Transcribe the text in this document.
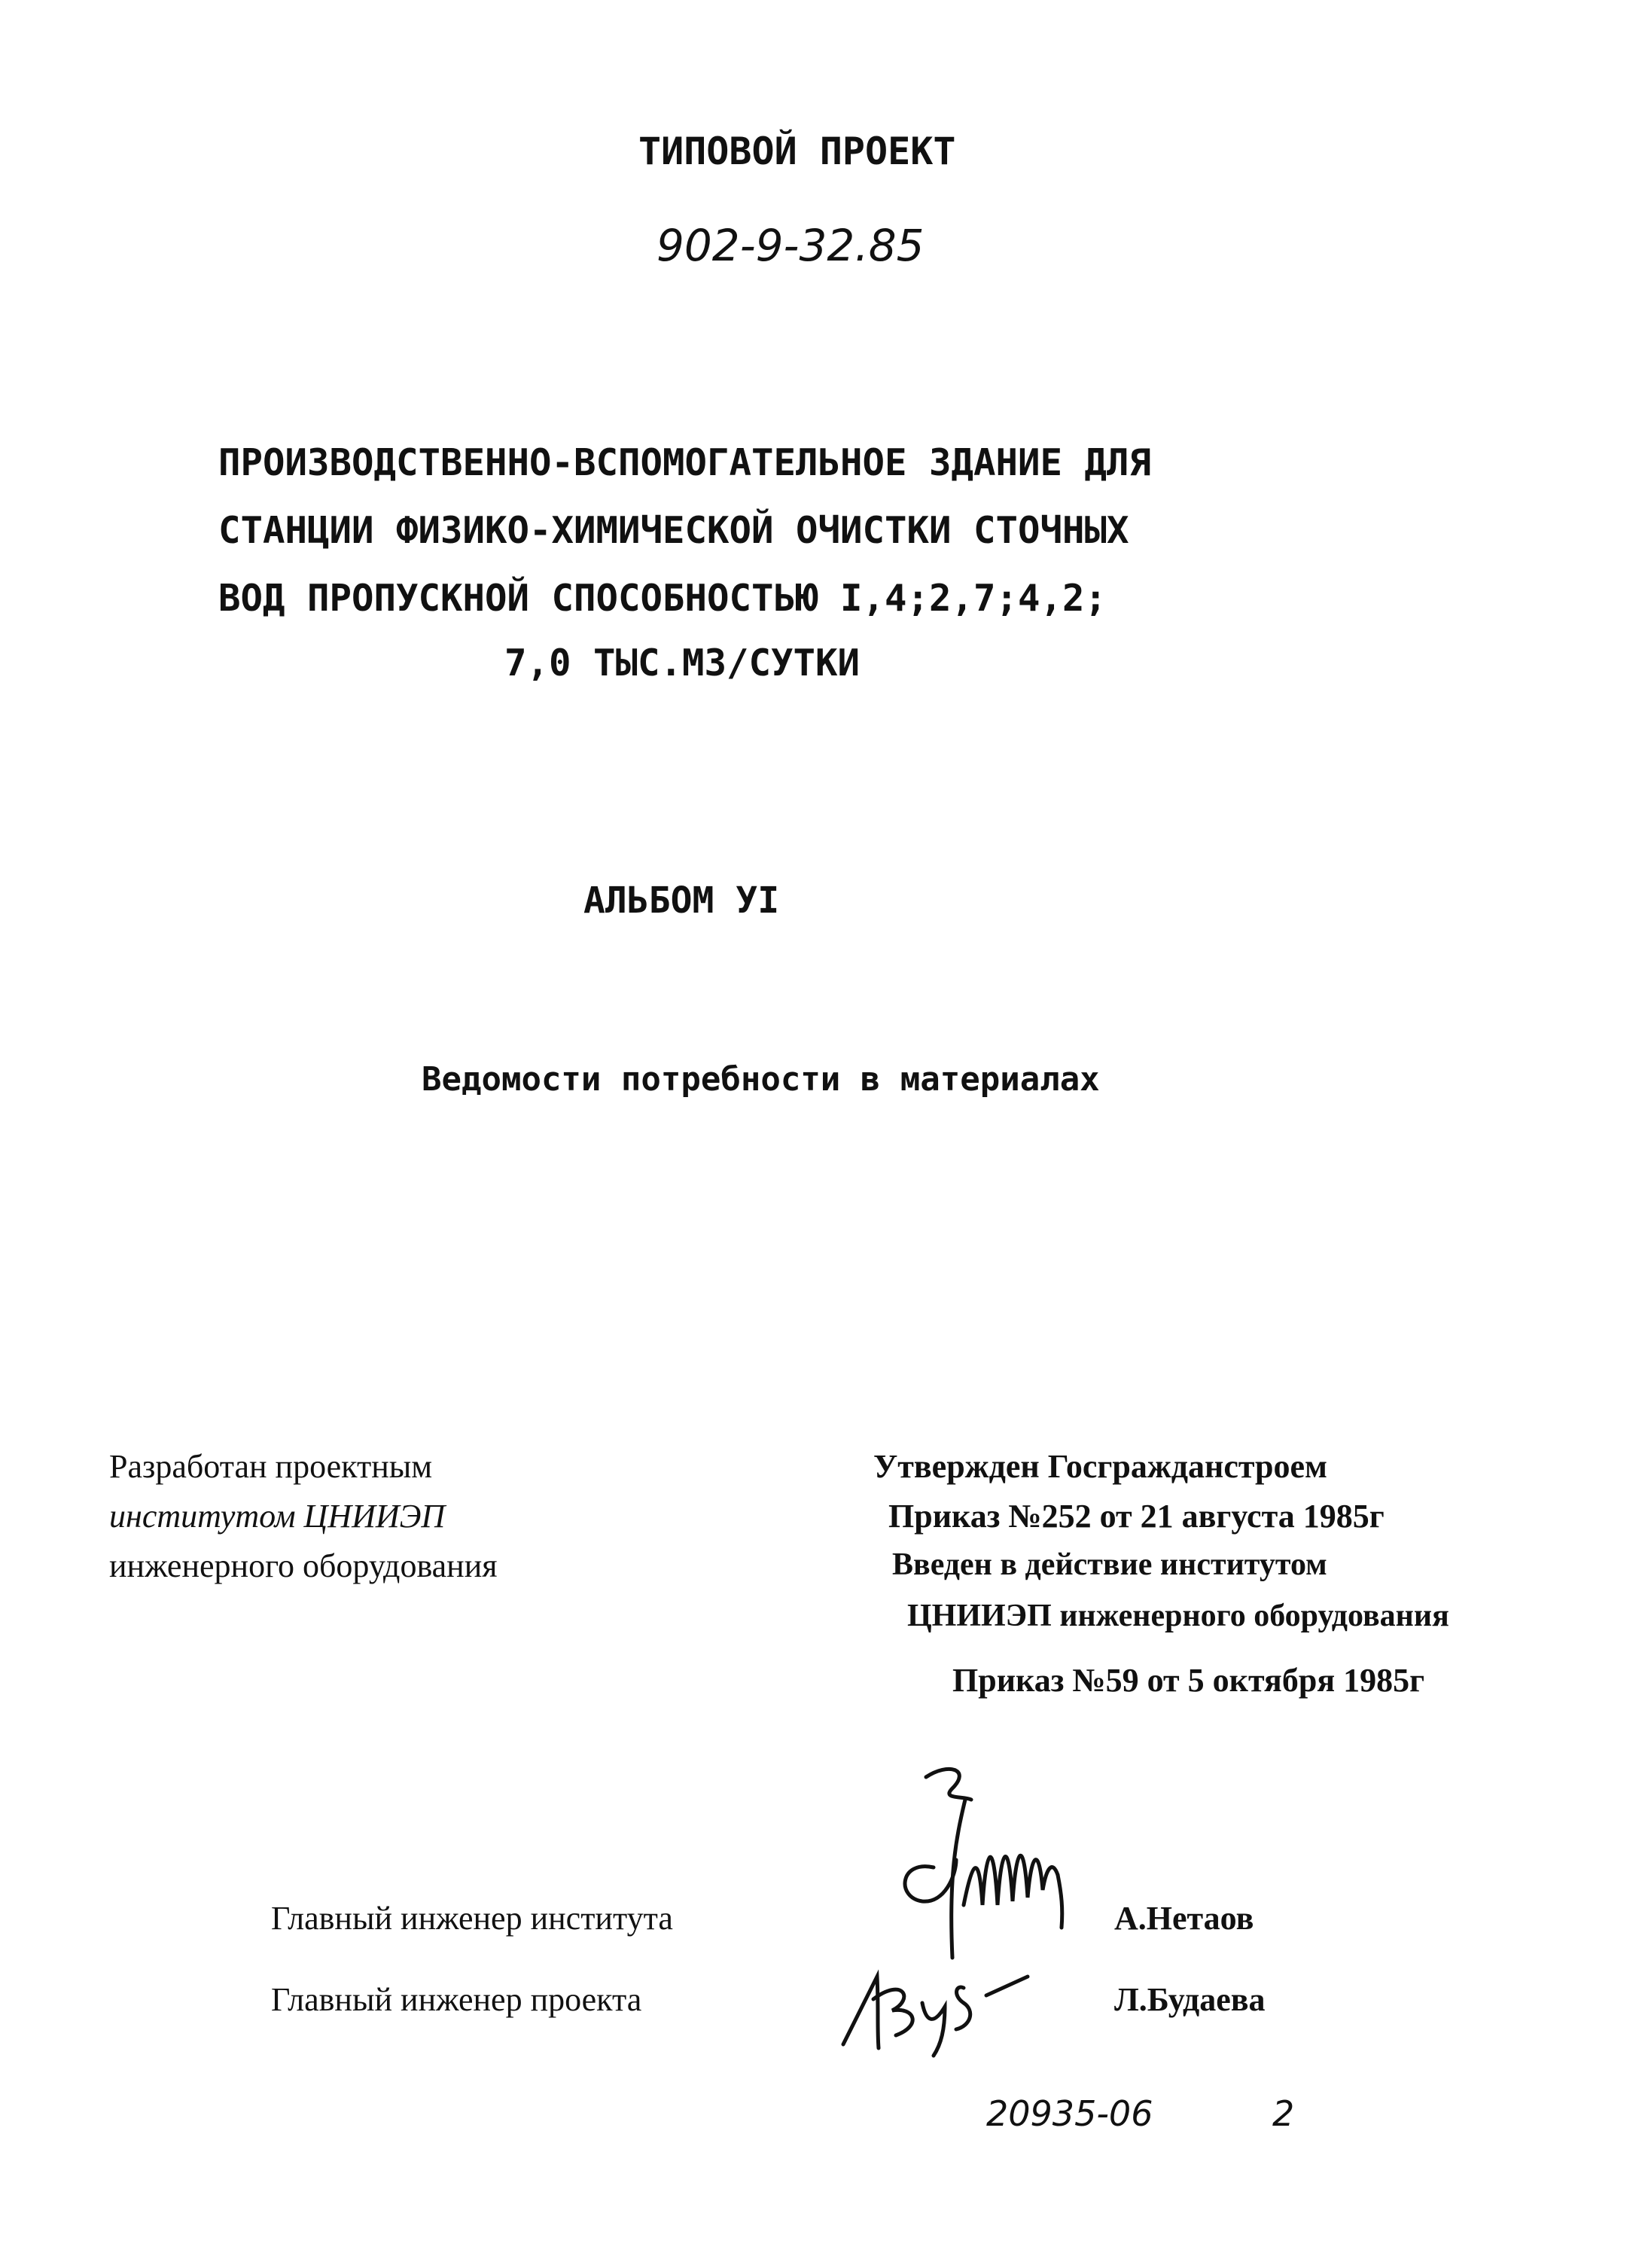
ТИПОВОЙ ПРОЕКТ
902-9-32.85
ПРОИЗВОДСТВЕННО-ВСПОМОГАТЕЛЬНОЕ ЗДАНИЕ ДЛЯ
СТАНЦИИ ФИЗИКО-ХИМИЧЕСКОЙ ОЧИСТКИ СТОЧНЫХ
ВОД ПРОПУСКНОЙ СПОСОБНОСТЬЮ I,4;2,7;4,2;
7,0 ТЫС.М3/СУТКИ
АЛЬБОМ УI
Ведомости потребности в материалах
Разработан проектным
институтом ЦНИИЭП
инженерного оборудования
Утвержден Госгражданстроем
Приказ №252 от 21 августа 1985г
Введен в действие институтом
ЦНИИЭП инженерного оборудования
Приказ №59 от 5 октября 1985г
Главный инженер института	А.Нетаов
Главный инженер проекта	Л.Будаева
20935-06	2
